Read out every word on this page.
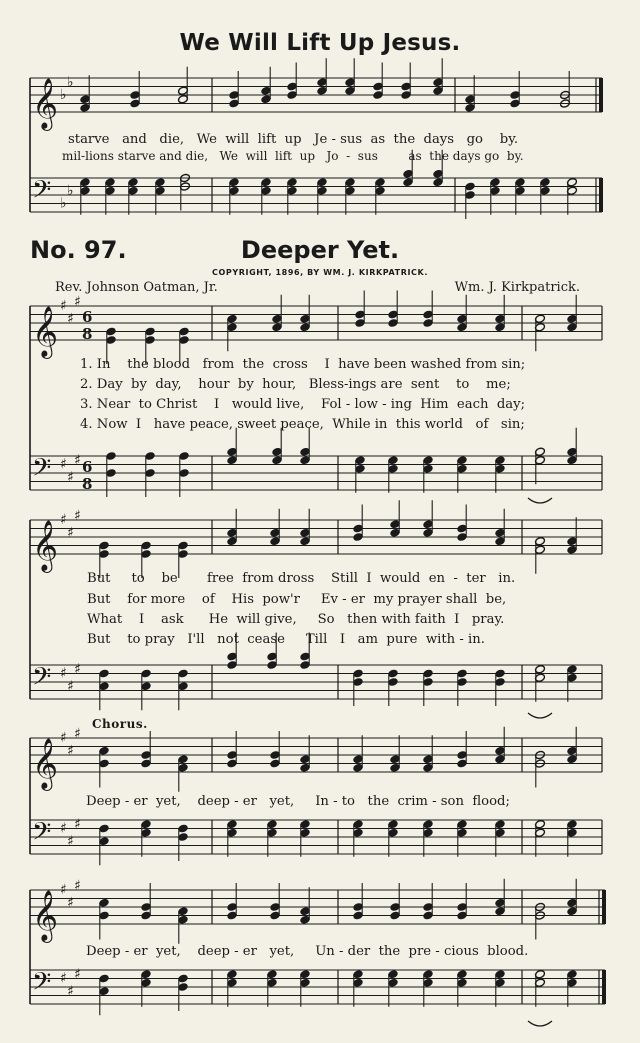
We Will Lift Up Jesus.
No. 97.	Deeper Yet.
COPYRIGHT, 1896, BY WM. J. KIRKPATRICK.
Rev. Johnson Oatman, Jr.	Wm. J. Kirkpatrick.
Chorus.
starve   and   die,   We  will  lift  up   Je - sus  as  the  days   go    by.
mil-lions starve and die,   We  will  lift  up   Jo  -  sus        as  the days go  by.
1. In    the blood   from  the  cross    I  have been washed from sin;
2. Day  by  day,    hour  by  hour,   Bless-ings are  sent    to    me;
3. Near  to Christ    I   would live,    Fol - low - ing  Him  each  day;
4. Now  I   have peace, sweet peace,  While in  this world   of   sin;
But     to    be       free  from dross    Still  I  would  en  -  ter   in.
But    for more    of    His  pow'r     Ev - er  my prayer shall  be,
What    I    ask      He  will give,     So   then with faith  I   pray.
But    to pray   I'll   not  cease     Till   I   am  pure  with - in.
Deep - er  yet,    deep - er   yet,     In - to   the  crim - son  flood;
Deep - er  yet,    deep - er   yet,     Un - der  the  pre - cious  blood.
𝄞
𝄢
♭
♭
♭
♭
𝄞
𝄢
♯
♯
♯
♯
♯
♯
6
8
6
8
𝄞
𝄢
♯
♯
♯
♯
♯
♯
𝄞
𝄢
♯
♯
♯
♯
♯
♯
𝄞
𝄢
♯
♯
♯
♯
♯
♯
